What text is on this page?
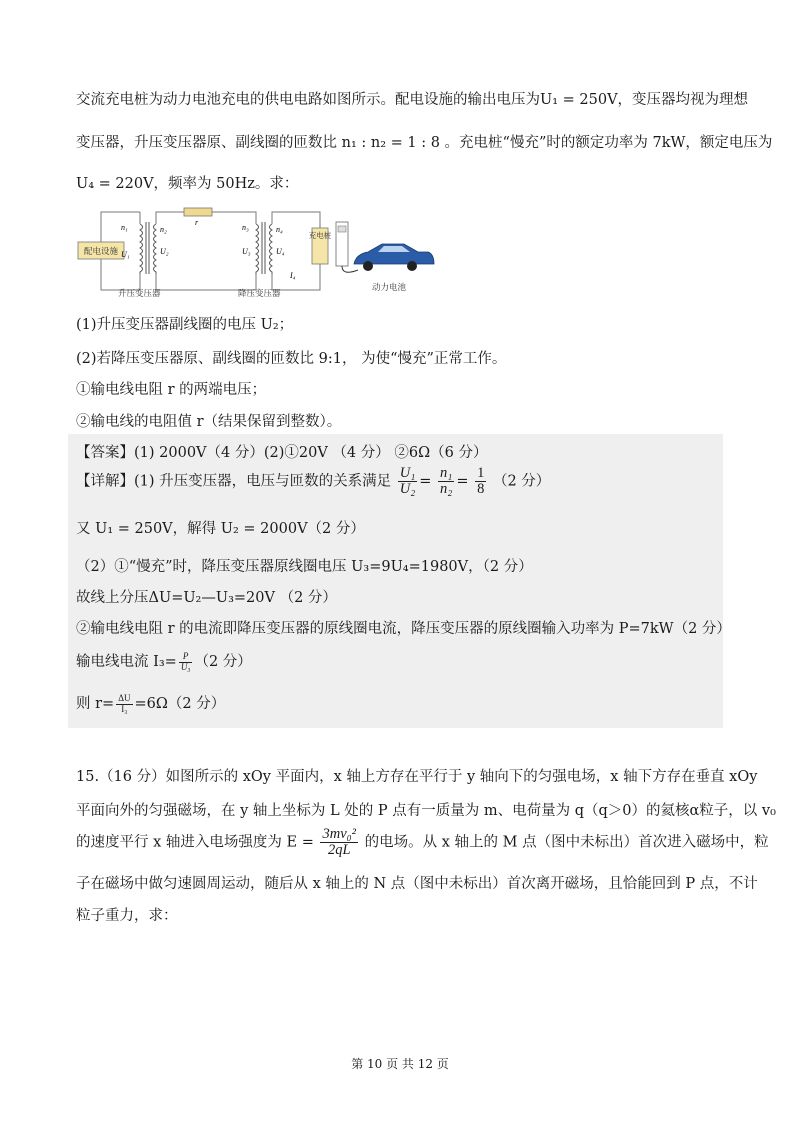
交流充电桩为动力电池充电的供电电路如图所示。配电设施的输出电压为U₁ = 250V，变压器均视为理想
变压器，升压变压器原、副线圈的匝数比 n₁ : n₂ = 1 : 8 。充电桩“慢充”时的额定功率为 7kW，额定电压为
U₄ = 220V，频率为 50Hz。求：
配电设施
n₁
U₁
n₂
U₂
r
n₃
U₃
n₄
U₄
I₄
充电桩
动力电池
升压变压器	降压变压器
(1)升压变压器副线圈的电压 U₂；
(2)若降压变压器原、副线圈的匝数比 9:1， 为使“慢充”正常工作。
①输电线电阻 r 的两端电压；
②输电线的电阻值 r（结果保留到整数）。
【答案】(1) 2000V（4 分）(2)①20V （4 分） ②6Ω（6 分）
【详解】(1) 升压变压器，电压与匝数的关系满足 $\frac{\text{U₁}}{\text{U₂}} = \frac{\text{n₁}}{\text{n₂}} = \frac{1}{8} (2$ 分）
又 U₁ = 250V，解得 U₂ = 2000V（2 分）
（2）①“慢充”时，降压变压器原线圈电压 U₃=9U₄=1980V，（2 分）
故线上分压ΔU=U₂—U₃=20V （2 分）
②输电线电阻 r 的电流即降压变压器的原线圈电流，降压变压器的原线圈输入功率为 P=7kW（2 分）
输电线电流 $I_3= \frac{P}{\text{U₃}} (2$ 分）
则 $r= \frac{\Delta U}{\text{I₃}} =6\Omega(2$ 分）
15.（16 分）如图所示的 xOy 平面内，x 轴上方存在平行于 y 轴向下的匀强电场，x 轴下方存在垂直 xOy
平面向外的匀强磁场，在 y 轴上坐标为 L 处的 P 点有一质量为 m、电荷量为 q（q＞0）的氦核α粒子，以 v₀
的速度平行 x 轴进入电场强度为 $E = \frac{\text{3mv₀²}}{2qL}$ 的电场。从 x 轴上的 M 点（图中未标出）首次进入磁场中，粒
子在磁场中做匀速圆周运动，随后从 x 轴上的 N 点（图中未标出）首次离开磁场，且恰能回到 P 点，不计
粒子重力，求：
第 10 页 共 12 页
